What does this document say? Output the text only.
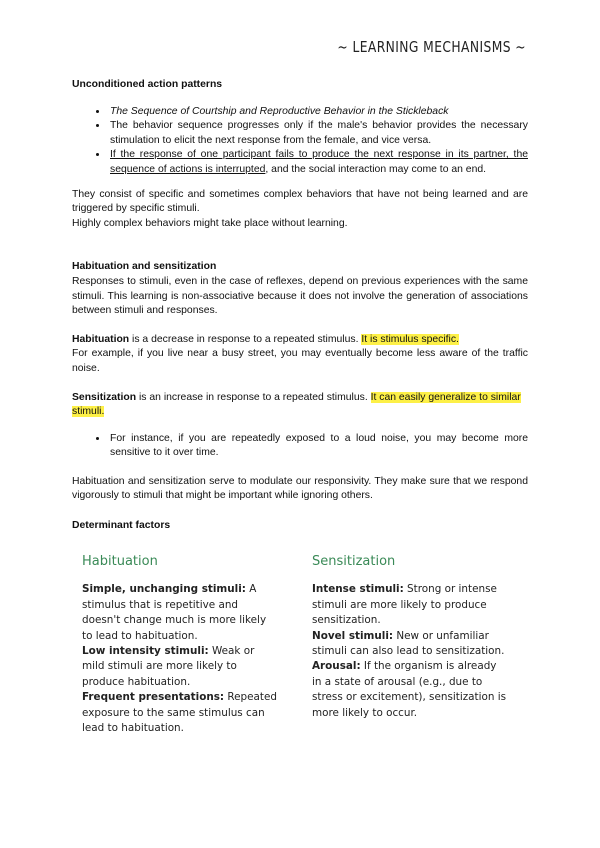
~ LEARNING MECHANISMS ~

Unconditioned action patterns

• The Sequence of Courtship and Reproductive Behavior in the Stickleback
• The behavior sequence progresses only if the male's behavior provides the necessary stimulation to elicit the next response from the female, and vice versa.
• If the response of one participant fails to produce the next response in its partner, the sequence of actions is interrupted, and the social interaction may come to an end.

They consist of specific and sometimes complex behaviors that have not being learned and are triggered by specific stimuli.

Highly complex behaviors might take place without learning.

Habituation and sensitization

Responses to stimuli, even in the case of reflexes, depend on previous experiences with the same stimuli. This learning is non-associative because it does not involve the generation of associations between stimuli and responses.

Habituation is a decrease in response to a repeated stimulus. It is stimulus specific.

For example, if you live near a busy street, you may eventually become less aware of the traffic noise.

Sensitization is an increase in response to a repeated stimulus. It can easily generalize to similar stimuli.

• For instance, if you are repeatedly exposed to a loud noise, you may become more sensitive to it over time.

Habituation and sensitization serve to modulate our responsivity. They make sure that we respond vigorously to stimuli that might be important while ignoring others.

Determinant factors

Habituation

Simple, unchanging stimuli: A stimulus that is repetitive and doesn't change much is more likely to lead to habituation.

Low intensity stimuli: Weak or mild stimuli are more likely to produce habituation.

Frequent presentations: Repeated exposure to the same stimulus can lead to habituation.

Sensitization

Intense stimuli: Strong or intense stimuli are more likely to produce sensitization.

Novel stimuli: New or unfamiliar stimuli can also lead to sensitization.

Arousal: If the organism is already in a state of arousal (e.g., due to stress or excitement), sensitization is more likely to occur.
